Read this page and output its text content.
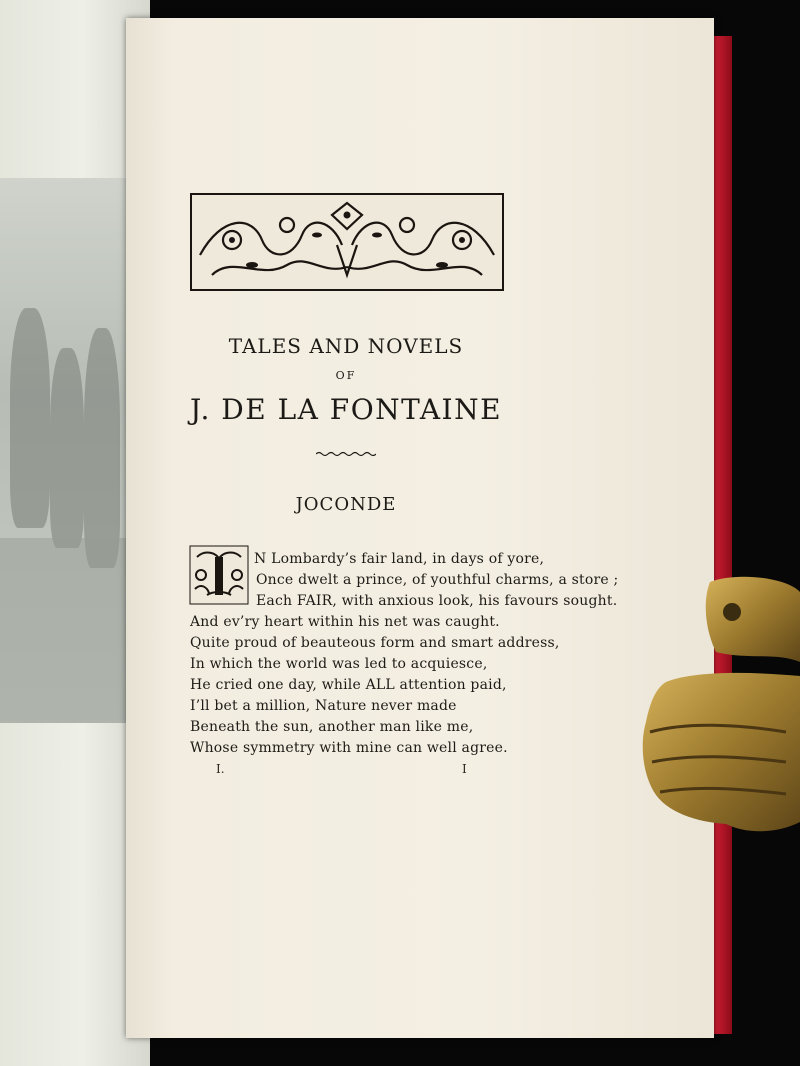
TALES AND NOVELS

OF

J. DE LA FONTAINE

JOCONDE

N Lombardy’s fair land, in days of yore,

Once dwelt a prince, of youthful charms, a store ;

Each FAIR, with anxious look, his favours sought.

And ev’ry heart within his net was caught.

Quite proud of beauteous form and smart address,

In which the world was led to acquiesce,

He cried one day, while ALL attention paid,

I’ll bet a million, Nature never made

Beneath the sun, another man like me,

Whose symmetry with mine can well agree.

I.	I
